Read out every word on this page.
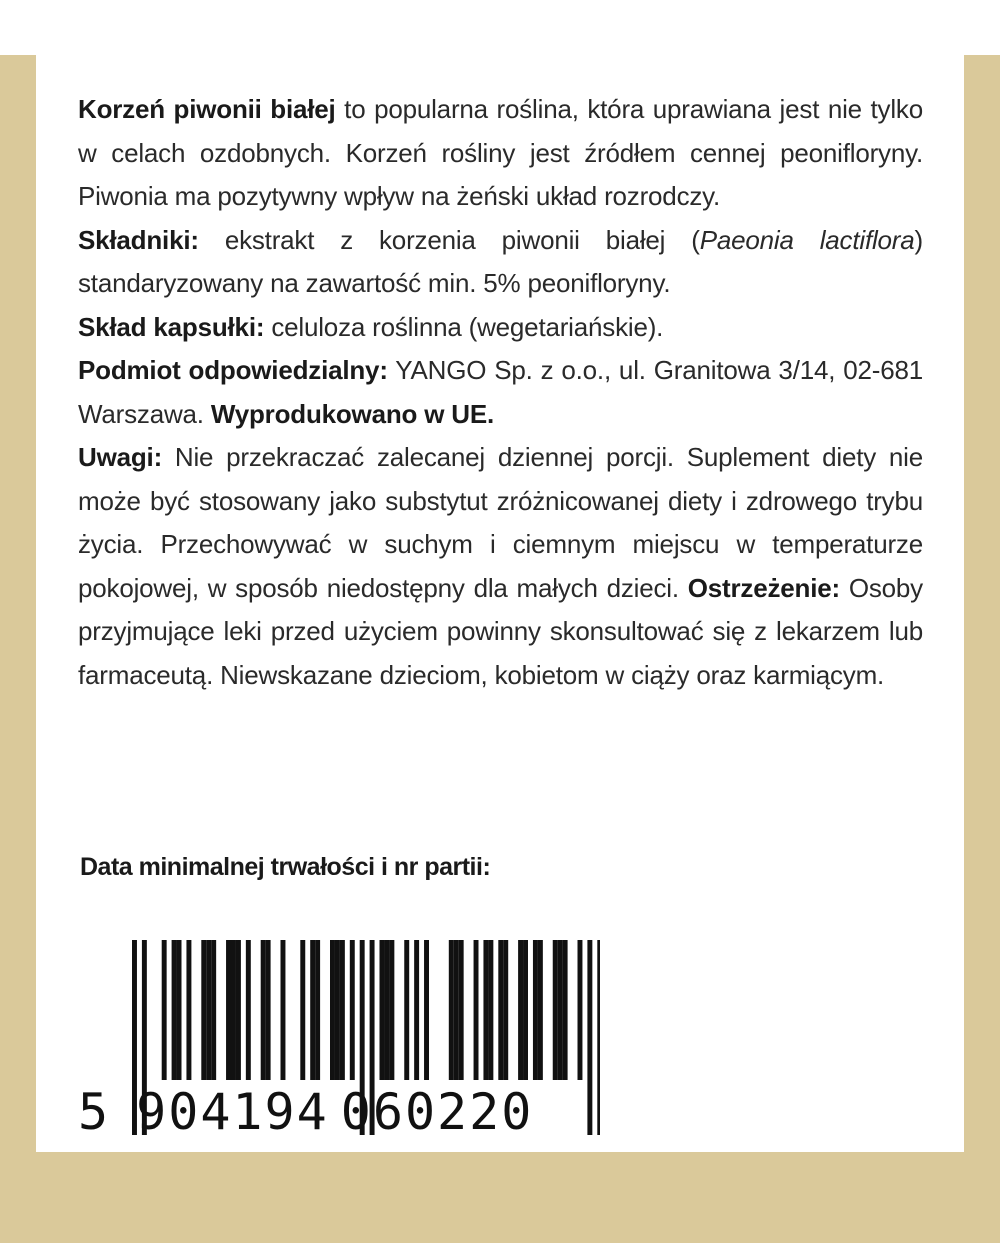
Korzeń piwonii białej to popularna roślina, która uprawiana jest nie tylko w celach ozdobnych. Korzeń rośliny jest źródłem cennej peonifloryny. Piwonia ma pozytywny wpływ na żeński układ rozrodczy.

Składniki: ekstrakt z korzenia piwonii białej (Paeonia lactiflora) standaryzowany na zawartość min. 5% peonifloryny.

Skład kapsułki: celuloza roślinna (wegetariańskie).

Podmiot odpowiedzialny: YANGO Sp. z o.o., ul. Granitowa 3/14, 02-681 Warszawa. Wyprodukowano w UE.

Uwagi: Nie przekraczać zalecanej dziennej porcji. Suplement diety nie może być stosowany jako substytut zróżnicowanej diety i zdrowego trybu życia. Przechowywać w suchym i ciemnym miejscu w temperaturze pokojowej, w sposób niedostępny dla małych dzieci. Ostrzeżenie: Osoby przyjmujące leki przed użyciem powinny skonsultować się z lekarzem lub farmaceutą. Niewskazane dzieciom, kobietom w ciąży oraz karmiącym.

Data minimalnej trwałości i nr partii:
5 904194 060220
